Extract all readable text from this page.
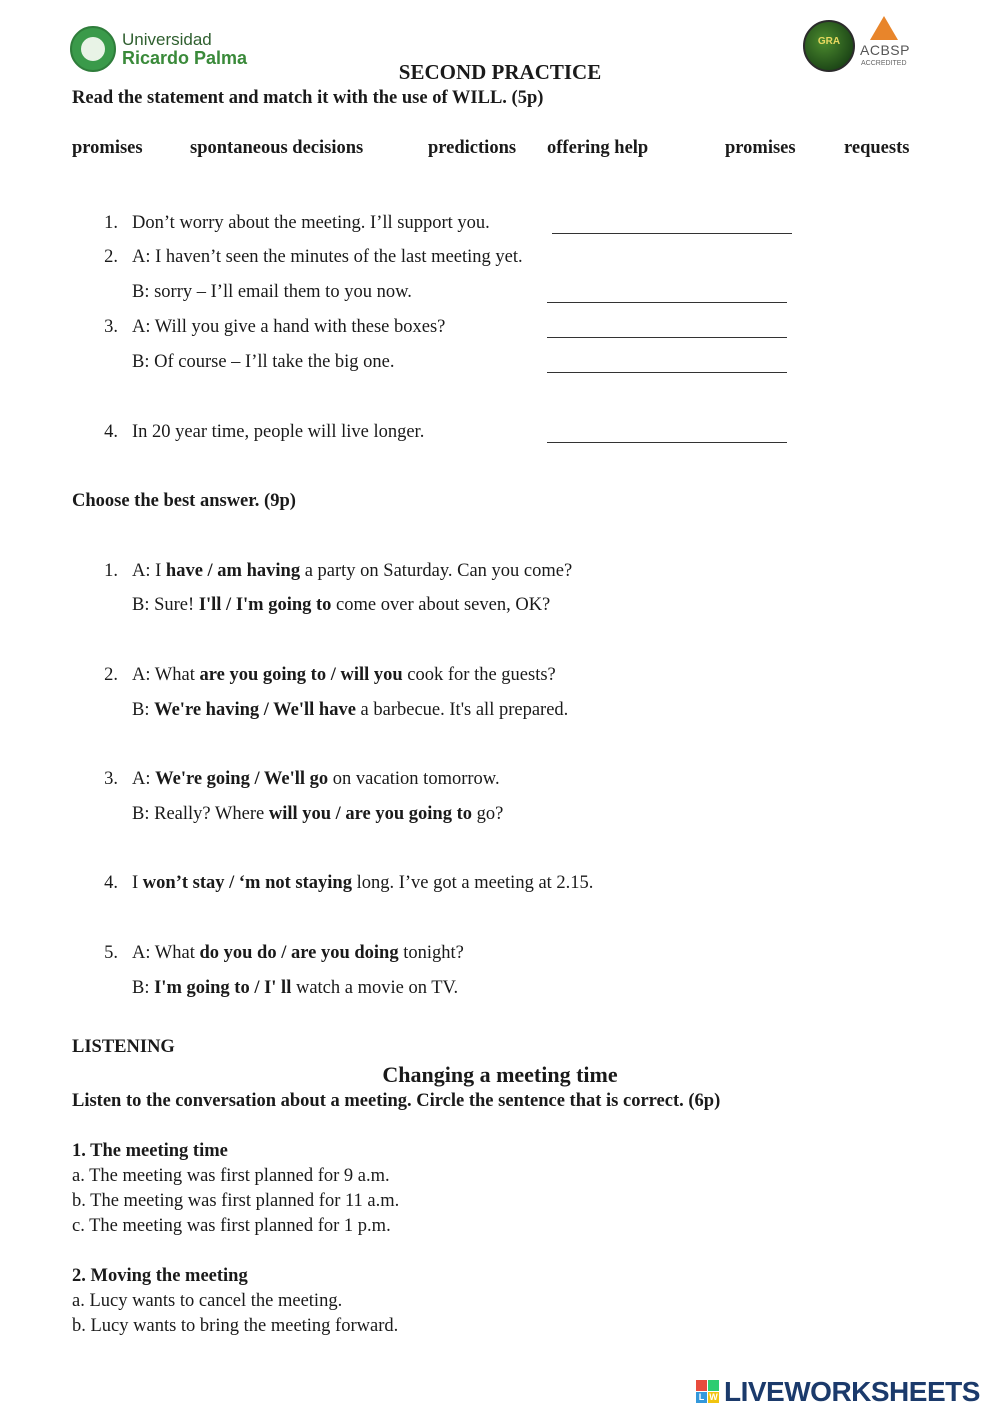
Universidad
Ricardo Palma
GRA
ACBSP
ACCREDITED
SECOND PRACTICE
Read the statement and match it with the use of WILL. (5p)
promises	spontaneous decisions	predictions offering help	promises	requests
1. Don’t worry about the meeting. I’ll support you.
2. A: I haven’t seen the minutes of the last meeting yet.
B: sorry – I’ll email them to you now.
3. A: Will you give a hand with these boxes?
B: Of course – I’ll take the big one.
4. In 20 year time, people will live longer.
Choose the best answer. (9p)
1. A: I have / am having a party on Saturday. Can you come?
B: Sure! I'll / I'm going to come over about seven, OK?
2. A: What are you going to / will you cook for the guests?
B: We're having / We'll have a barbecue. It's all prepared.
3. A: We're going / We'll go on vacation tomorrow.
B: Really? Where will you / are you going to go?
4. I won’t stay / ‘m not staying long. I’ve got a meeting at 2.15.
5. A: What do you do / are you doing tonight?
B: I'm going to / I' ll watch a movie on TV.
LISTENING
Changing a meeting time
Listen to the conversation about a meeting. Circle the sentence that is correct. (6p)
1. The meeting time
a. The meeting was first planned for 9 a.m.
b. The meeting was first planned for 11 a.m.
c. The meeting was first planned for 1 p.m.
2. Moving the meeting
a. Lucy wants to cancel the meeting.
b. Lucy wants to bring the meeting forward.
L W LIVEWORKSHEETS
